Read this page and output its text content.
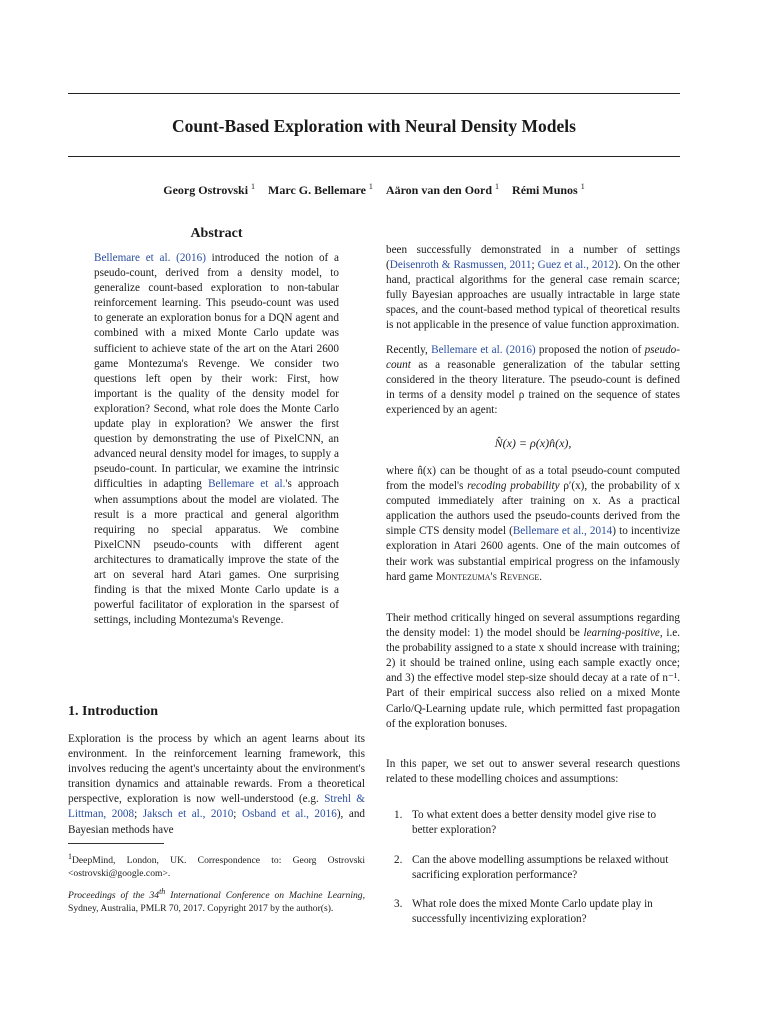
Count-Based Exploration with Neural Density Models
Georg Ostrovski $^1$ Marc G. Bellemare $^1$ Aäron van den Oord $^1$ Rémi Munos $^1$
Abstract
Bellemare et al. (2016) introduced the notion of a pseudo-count, derived from a density model, to generalize count-based exploration to non-tabular reinforcement learning. This pseudo-count was used to generate an exploration bonus for a DQN agent and combined with a mixed Monte Carlo update was sufficient to achieve state of the art on the Atari 2600 game Montezuma's Revenge. We consider two questions left open by their work: First, how important is the quality of the density model for exploration? Second, what role does the Monte Carlo update play in exploration? We answer the first question by demonstrating the use of PixelCNN, an advanced neural density model for images, to supply a pseudo-count. In particular, we examine the intrinsic difficulties in adapting Bellemare et al.'s approach when assumptions about the model are violated. The result is a more practical and general algorithm requiring no special apparatus. We combine PixelCNN pseudo-counts with different agent architectures to dramatically improve the state of the art on several hard Atari games. One surprising finding is that the mixed Monte Carlo update is a powerful facilitator of exploration in the sparsest of settings, including Montezuma's Revenge.
1. Introduction
Exploration is the process by which an agent learns about its environment. In the reinforcement learning framework, this involves reducing the agent's uncertainty about the environment's transition dynamics and attainable rewards. From a theoretical perspective, exploration is now well-understood (e.g. Strehl & Littman, 2008; Jaksch et al., 2010; Osband et al., 2016), and Bayesian methods have
$^1$DeepMind, London, UK. Correspondence to: Georg Ostrovski <ostrovski@google.com>.
Proceedings of the 34th International Conference on Machine Learning, Sydney, Australia, PMLR 70, 2017. Copyright 2017 by the author(s).
been successfully demonstrated in a number of settings (Deisenroth & Rasmussen, 2011; Guez et al., 2012). On the other hand, practical algorithms for the general case remain scarce; fully Bayesian approaches are usually intractable in large state spaces, and the count-based method typical of theoretical results is not applicable in the presence of value function approximation.
Recently, Bellemare et al. (2016) proposed the notion of pseudo-count as a reasonable generalization of the tabular setting considered in the theory literature. The pseudo-count is defined in terms of a density model ρ trained on the sequence of states experienced by an agent:
N̂(x) = ρ(x)n̂(x),
where n̂(x) can be thought of as a total pseudo-count computed from the model's recoding probability ρ′(x), the probability of x computed immediately after training on x. As a practical application the authors used the pseudo-counts derived from the simple CTS density model (Bellemare et al., 2014) to incentivize exploration in Atari 2600 agents. One of the main outcomes of their work was substantial empirical progress on the infamously hard game Montezuma's Revenge.
Their method critically hinged on several assumptions regarding the density model: 1) the model should be learning-positive, i.e. the probability assigned to a state x should increase with training; 2) it should be trained online, using each sample exactly once; and 3) the effective model step-size should decay at a rate of n⁻¹. Part of their empirical success also relied on a mixed Monte Carlo/Q-Learning update rule, which permitted fast propagation of the exploration bonuses.
In this paper, we set out to answer several research questions related to these modelling choices and assumptions:
1. To what extent does a better density model give rise to better exploration?
2. Can the above modelling assumptions be relaxed without sacrificing exploration performance?
3. What role does the mixed Monte Carlo update play in successfully incentivizing exploration?
